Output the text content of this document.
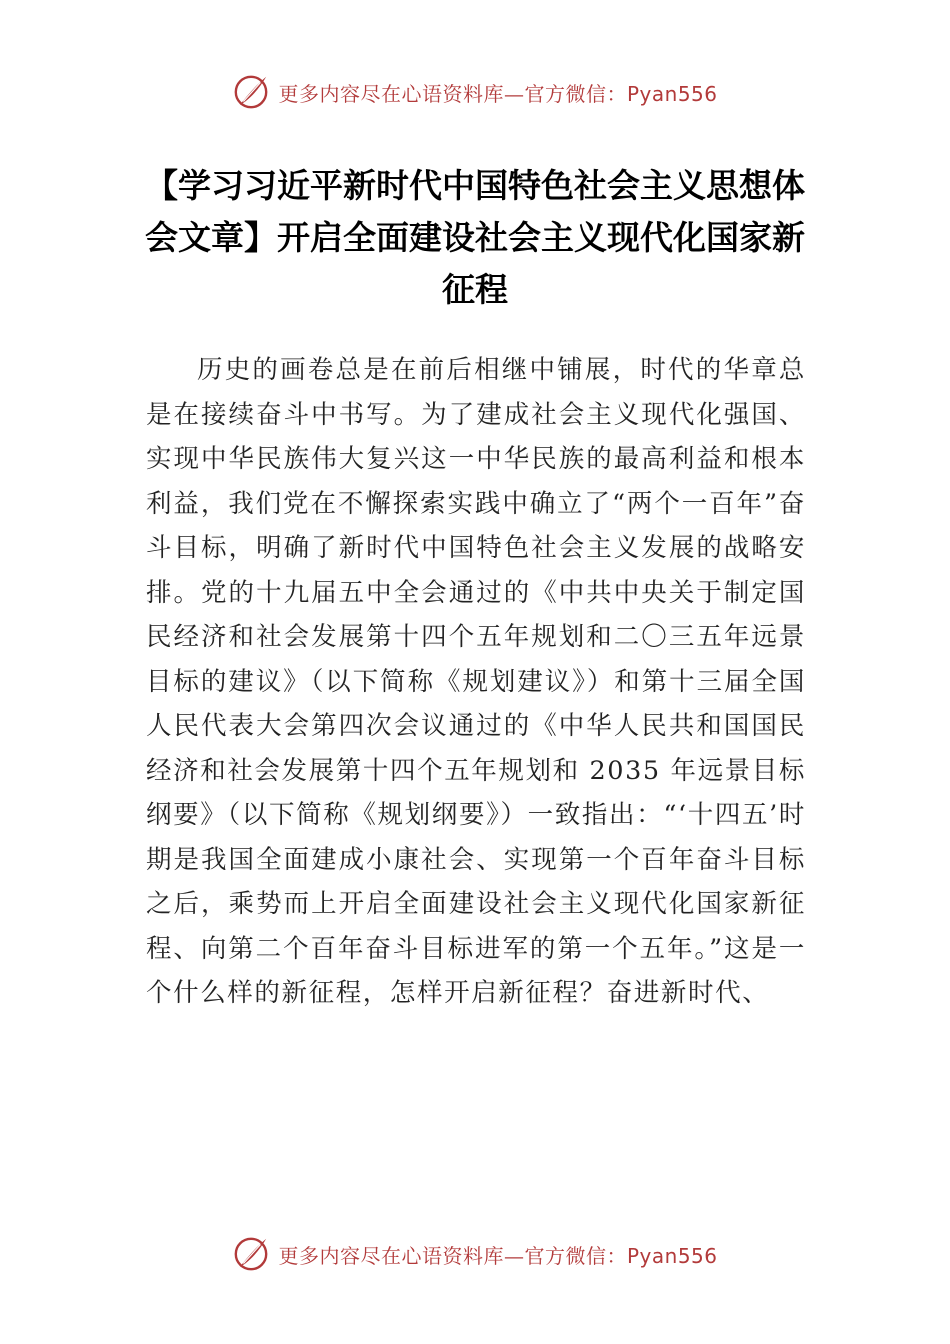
更多内容尽在心语资料库—官方微信：Pyan556
【学习习近平新时代中国特色社会主义思想体会文章】开启全面建设社会主义现代化国家新征程
历史的画卷总是在前后相继中铺展，时代的华章总是在接续奋斗中书写。为了建成社会主义现代化强国、实现中华民族伟大复兴这一中华民族的最高利益和根本利益，我们党在不懈探索实践中确立了“两个一百年”奋斗目标，明确了新时代中国特色社会主义发展的战略安排。党的十九届五中全会通过的《中共中央关于制定国民经济和社会发展第十四个五年规划和二〇三五年远景目标的建议》（以下简称《规划建议》）和第十三届全国人民代表大会第四次会议通过的《中华人民共和国国民经济和社会发展第十四个五年规划和 2035 年远景目标纲要》（以下简称《规划纲要》）一致指出：“‘十四五’时期是我国全面建成小康社会、实现第一个百年奋斗目标之后，乘势而上开启全面建设社会主义现代化国家新征程、向第二个百年奋斗目标进军的第一个五年。”这是一个什么样的新征程，怎样开启新征程？奋进新时代、
更多内容尽在心语资料库—官方微信：Pyan556
